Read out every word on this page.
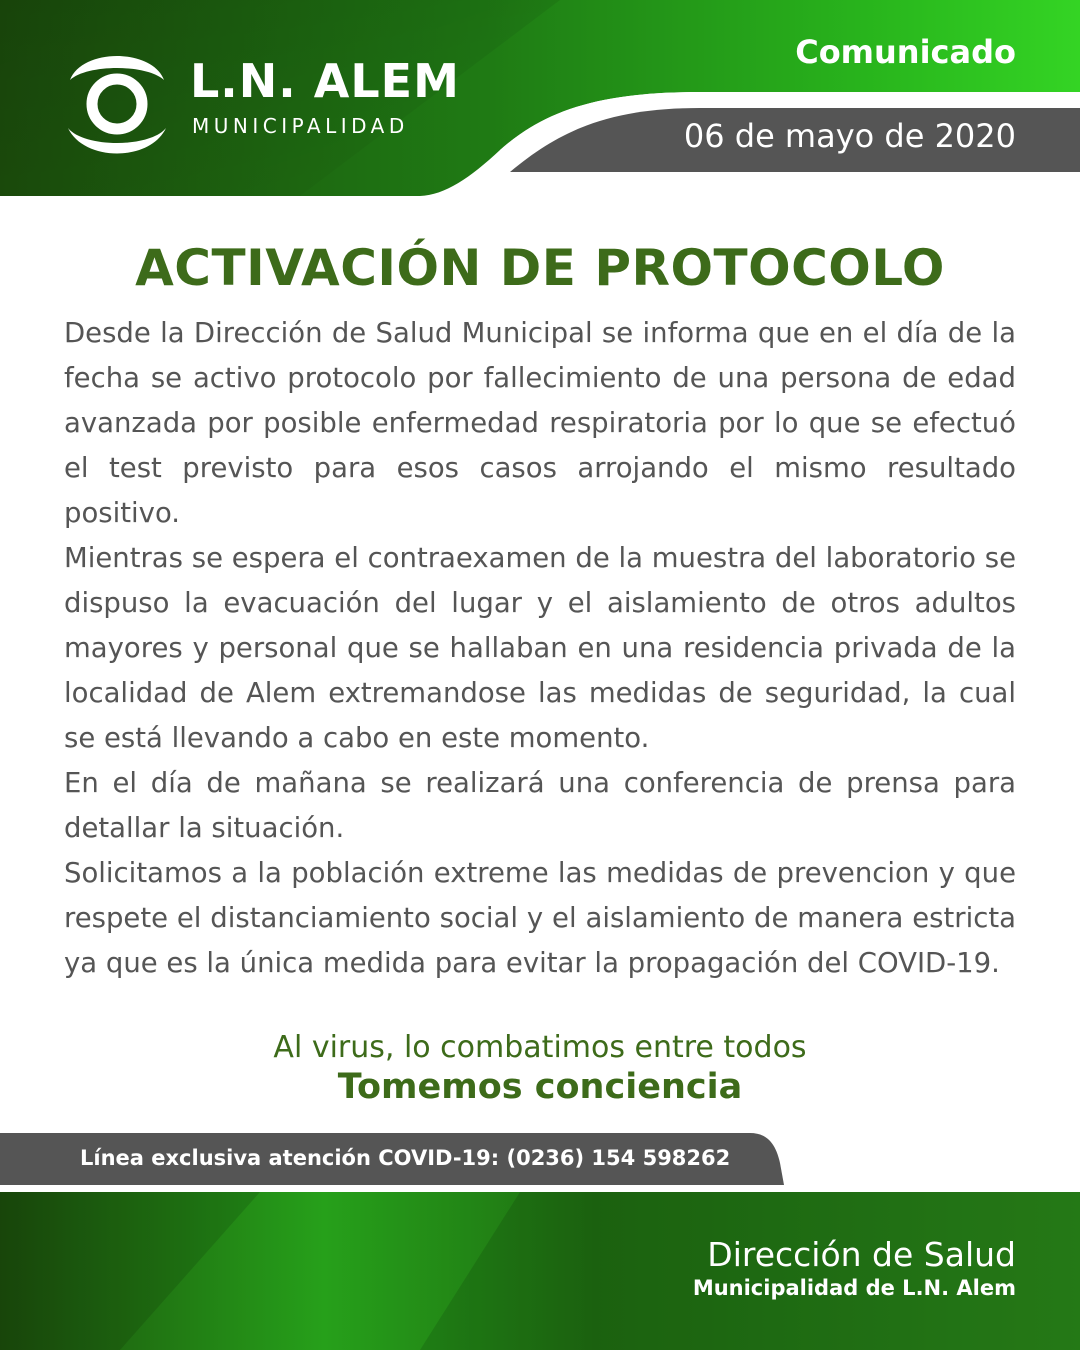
L.N. ALEM
MUNICIPALIDAD
Comunicado
06 de mayo de 2020
ACTIVACIÓN DE PROTOCOLO

Desde la Dirección de Salud Municipal se informa que en el día de la fecha se activo protocolo por fallecimiento de una persona de edad avanzada por posible enfermedad respiratoria por lo que se efectuó el test previsto para esos casos arrojando el mismo resultado positivo.

Mientras se espera el contraexamen de la muestra del laboratorio se dispuso la evacuación del lugar y el aislamiento de otros adultos mayores y personal que se hallaban en una residencia privada de la localidad de Alem extremandose las medidas de seguridad, la cual se está llevando a cabo en este momento.

En el día de mañana se realizará una conferencia de prensa para detallar la situación.

Solicitamos a la población extreme las medidas de prevencion y que respete el distanciamiento social y el aislamiento de manera estricta ya que es la única medida para evitar la propagación del COVID-19.

Al virus, lo combatimos entre todos
Tomemos conciencia
Línea exclusiva atención COVID-19: (0236) 154 598262
Dirección de Salud
Municipalidad de L.N. Alem
